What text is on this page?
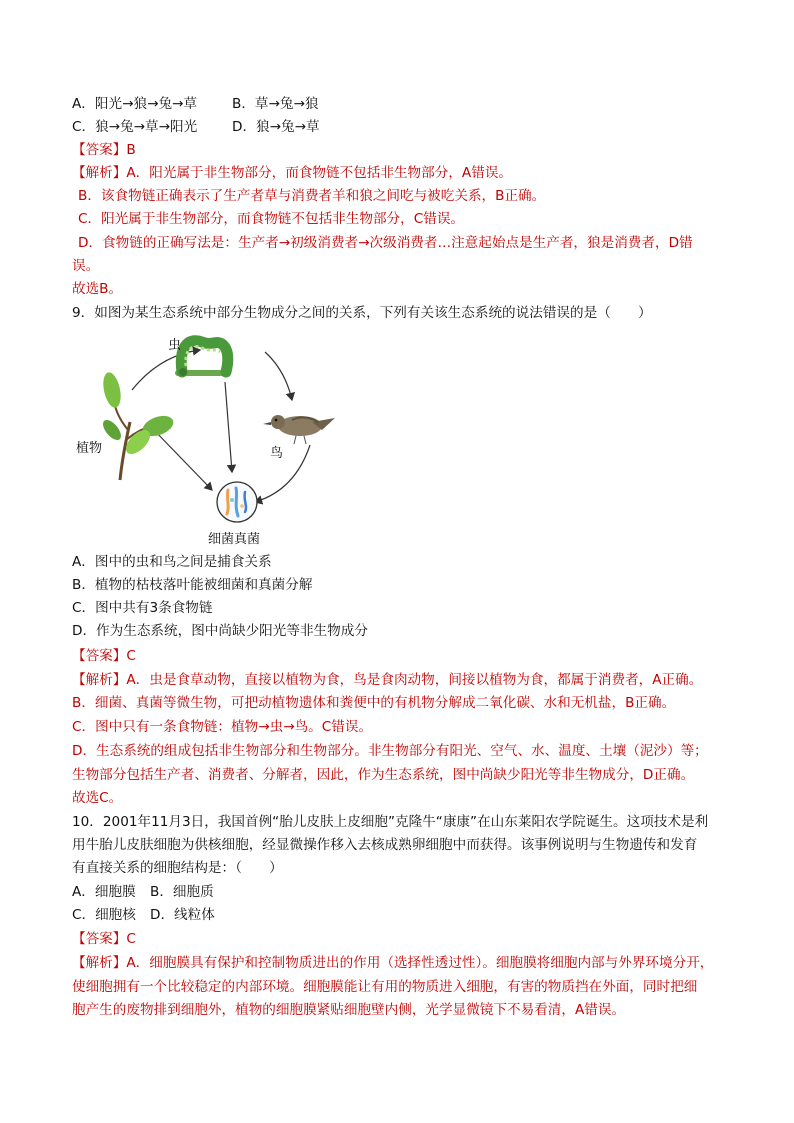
A．阳光→狼→兔→草	B．草→兔→狼
C．狼→兔→草→阳光	D．狼→兔→草
【答案】B
【解析】A．阳光属于非生物部分，而食物链不包括非生物部分，A错误。
B．该食物链正确表示了生产者草与消费者羊和狼之间吃与被吃关系，B正确。
C．阳光属于非生物部分，而食物链不包括非生物部分，C错误。
D．食物链的正确写法是：生产者→初级消费者→次级消费者…注意起始点是生产者，狼是消费者，D错
误。
故选B。
9．如图为某生态系统中部分生物成分之间的关系，下列有关该生态系统的说法错误的是（　　）
虫
植物	鸟
细菌真菌
A．图中的虫和鸟之间是捕食关系
B．植物的枯枝落叶能被细菌和真菌分解
C．图中共有3条食物链
D．作为生态系统，图中尚缺少阳光等非生物成分
【答案】C
【解析】A．虫是食草动物，直接以植物为食，鸟是食肉动物，间接以植物为食，都属于消费者，A正确。
B．细菌、真菌等微生物，可把动植物遗体和粪便中的有机物分解成二氧化碳、水和无机盐，B正确。
C．图中只有一条食物链：植物→虫→鸟。C错误。
D．生态系统的组成包括非生物部分和生物部分。非生物部分有阳光、空气、水、温度、土壤（泥沙）等；
生物部分包括生产者、消费者、分解者，因此，作为生态系统，图中尚缺少阳光等非生物成分，D正确。
故选C。
10．2001年11月3日，我国首例“胎儿皮肤上皮细胞”克隆牛“康康”在山东莱阳农学院诞生。这项技术是利
用牛胎儿皮肤细胞为供核细胞，经显微操作移入去核成熟卵细胞中而获得。该事例说明与生物遗传和发育
有直接关系的细胞结构是：（　　）
A．细胞膜 B．细胞质
C．细胞核 D．线粒体
【答案】C
【解析】A．细胞膜具有保护和控制物质进出的作用（选择性透过性）。细胞膜将细胞内部与外界环境分开，
使细胞拥有一个比较稳定的内部环境。细胞膜能让有用的物质进入细胞，有害的物质挡在外面，同时把细
胞产生的废物排到细胞外，植物的细胞膜紧贴细胞壁内侧，光学显微镜下不易看清，A错误。
